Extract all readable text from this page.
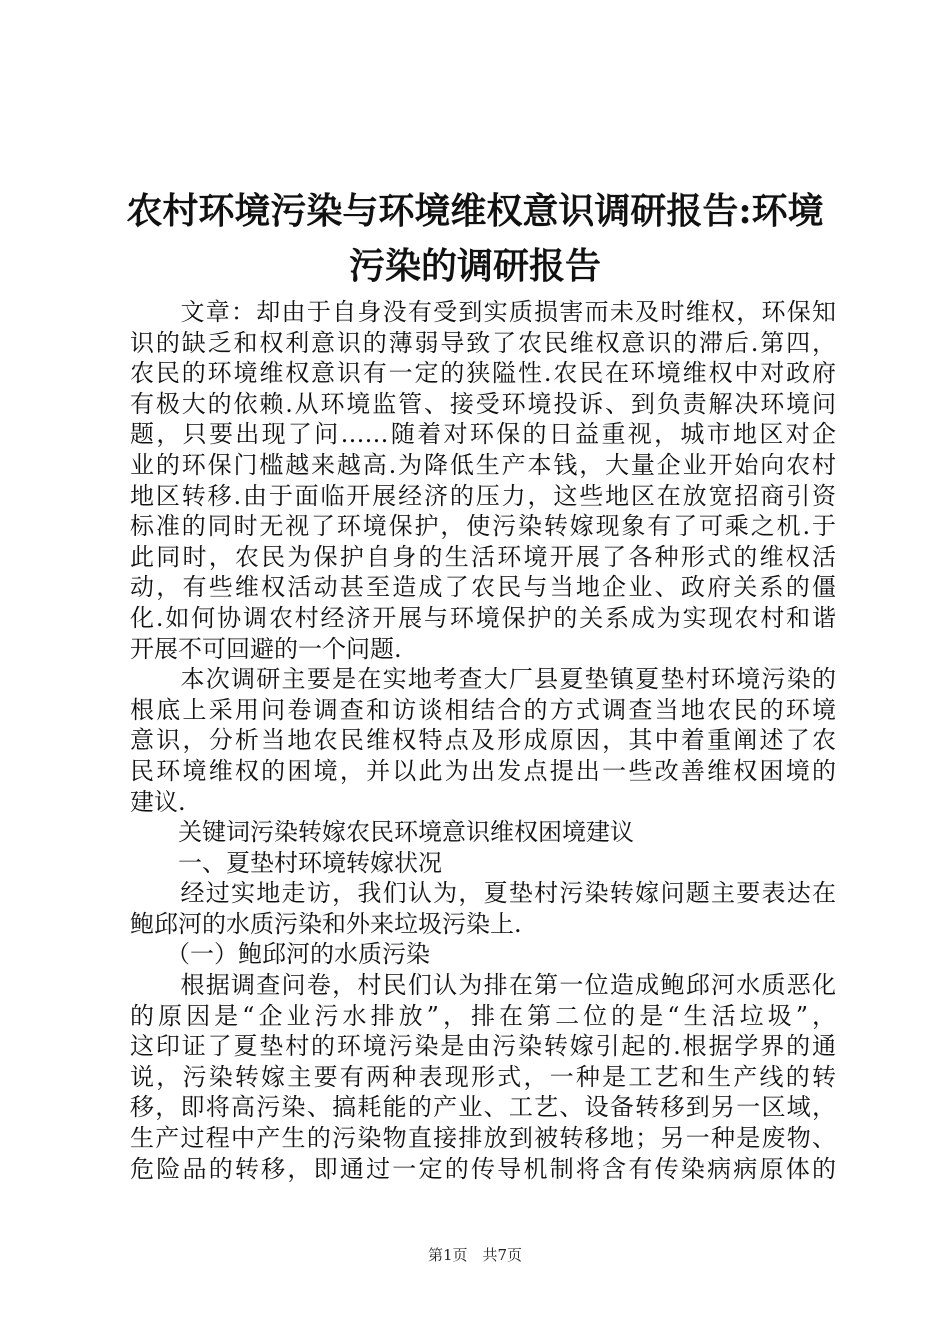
农村环境污染与环境维权意识调研报告:环境
污染的调研报告
　　文章：却由于自身没有受到实质损害而未及时维权，环保知
识的缺乏和权利意识的薄弱导致了农民维权意识的滞后.第四，
农民的环境维权意识有一定的狭隘性.农民在环境维权中对政府
有极大的依赖.从环境监管、接受环境投诉、到负责解决环境问
题，只要出现了问……随着对环保的日益重视，城市地区对企
业的环保门槛越来越高.为降低生产本钱，大量企业开始向农村
地区转移.由于面临开展经济的压力，这些地区在放宽招商引资
标准的同时无视了环境保护，使污染转嫁现象有了可乘之机.于
此同时，农民为保护自身的生活环境开展了各种形式的维权活
动，有些维权活动甚至造成了农民与当地企业、政府关系的僵
化.如何协调农村经济开展与环境保护的关系成为实现农村和谐
开展不可回避的一个问题.
　　本次调研主要是在实地考查大厂县夏垫镇夏垫村环境污染的
根底上采用问卷调查和访谈相结合的方式调查当地农民的环境
意识，分析当地农民维权特点及形成原因，其中着重阐述了农
民环境维权的困境，并以此为出发点提出一些改善维权困境的
建议.
　　关键词污染转嫁农民环境意识维权困境建议
　　一、夏垫村环境转嫁状况
　　经过实地走访，我们认为，夏垫村污染转嫁问题主要表达在
鲍邱河的水质污染和外来垃圾污染上.
　　（一）鲍邱河的水质污染
　　根据调查问卷，村民们认为排在第一位造成鲍邱河水质恶化
的原因是“企业污水排放”，排在第二位的是“生活垃圾”，
这印证了夏垫村的环境污染是由污染转嫁引起的.根据学界的通
说，污染转嫁主要有两种表现形式，一种是工艺和生产线的转
移，即将高污染、搞耗能的产业、工艺、设备转移到另一区域，
生产过程中产生的污染物直接排放到被转移地；另一种是废物、
危险品的转移，即通过一定的传导机制将含有传染病病原体的
第1页　共7页
